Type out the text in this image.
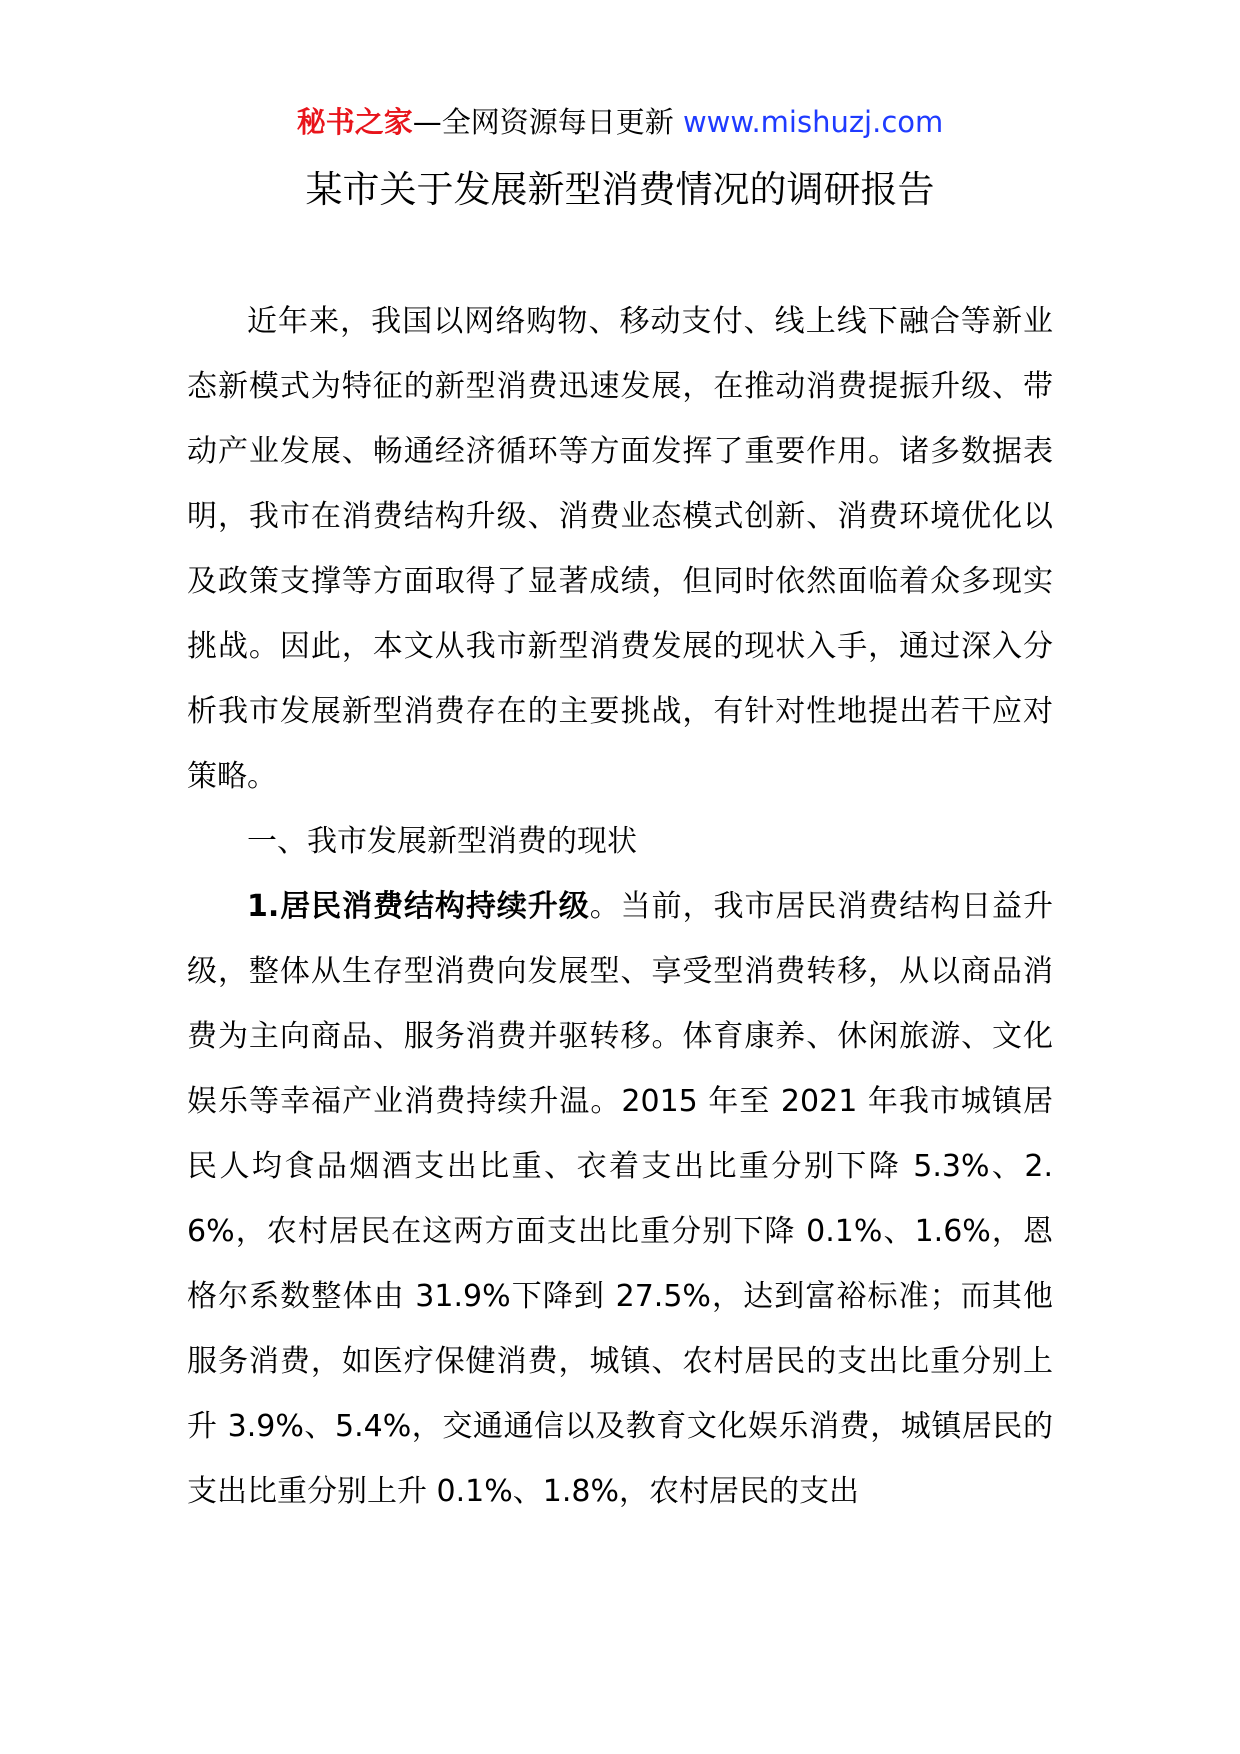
秘书之家—全网资源每日更新 www.mishuzj.com
某市关于发展新型消费情况的调研报告

近年来，我国以网络购物、移动支付、线上线下融合等新业态新模式为特征的新型消费迅速发展，在推动消费提振升级、带动产业发展、畅通经济循环等方面发挥了重要作用。诸多数据表明，我市在消费结构升级、消费业态模式创新、消费环境优化以及政策支撑等方面取得了显著成绩，但同时依然面临着众多现实挑战。因此，本文从我市新型消费发展的现状入手，通过深入分析我市发展新型消费存在的主要挑战，有针对性地提出若干应对策略。

一、我市发展新型消费的现状

1.居民消费结构持续升级。当前，我市居民消费结构日益升级，整体从生存型消费向发展型、享受型消费转移，从以商品消费为主向商品、服务消费并驱转移。体育康养、休闲旅游、文化娱乐等幸福产业消费持续升温。2015 年至 2021 年我市城镇居民人均食品烟酒支出比重、衣着支出比重分别下降 5.3%、2.6%，农村居民在这两方面支出比重分别下降 0.1%、1.6%，恩格尔系数整体由 31.9%下降到 27.5%，达到富裕标准；而其他服务消费，如医疗保健消费，城镇、农村居民的支出比重分别上升 3.9%、5.4%，交通通信以及教育文化娱乐消费，城镇居民的支出比重分别上升 0.1%、1.8%，农村居民的支出
